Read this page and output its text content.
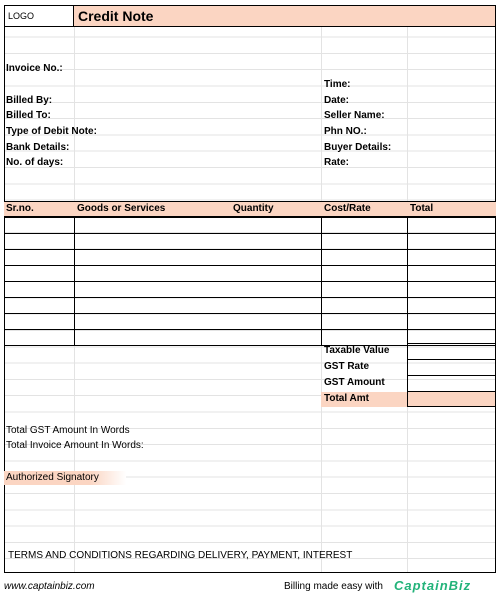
LOGO	Credit Note
Invoice No.:
Time:
Billed By:	Date:
Billed To:	Seller Name:
Type of Debit Note:	Phn NO.:
Bank Details:	Buyer Details:
No. of days:	Rate:
Sr.no.	Goods or Services	Quantity	Cost/Rate	Total
Taxable Value
GST Rate
GST Amount
Total Amt
Total GST Amount In Words
Total Invoice Amount In Words:
Authorized Signatory
TERMS AND CONDITIONS REGARDING DELIVERY, PAYMENT, INTEREST
www.captainbiz.com	Billing made easy with CaptainBiz
